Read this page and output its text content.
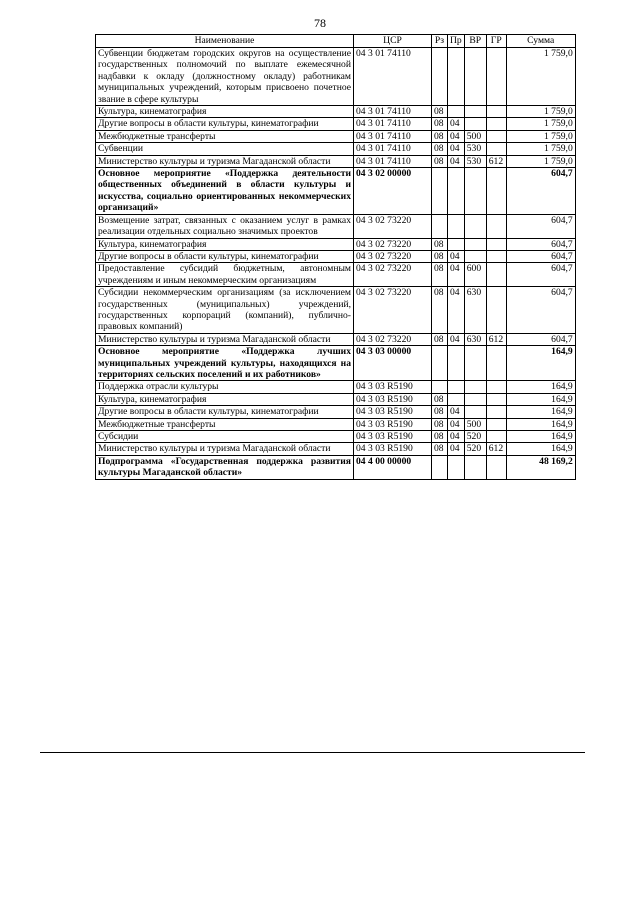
78
Наименование	ЦСР	Рз	Пр	ВР	ГР	Сумма
Субвенции бюджетам городских округов на осуществление государственных полномочий по выплате ежемесячной надбавки к окладу (должностному окладу) работникам муниципальных учреждений, которым присвоено почетное звание в сфере культуры	04 3 01 74110					1 759,0
Культура, кинематография	04 3 01 74110	08				1 759,0
Другие вопросы в области культуры, кинематографии	04 3 01 74110	08	04			1 759,0
Межбюджетные трансферты	04 3 01 74110	08	04	500		1 759,0
Субвенции	04 3 01 74110	08	04	530		1 759,0
Министерство культуры и туризма Магаданской области	04 3 01 74110	08	04	530	612	1 759,0
Основное мероприятие «Поддержка деятельности общественных объединений в области культуры и искусства, социально ориентированных некоммерческих организаций»	04 3 02 00000					604,7
Возмещение затрат, связанных с оказанием услуг в рамках реализации отдельных социально значимых проектов	04 3 02 73220					604,7
Культура, кинематография	04 3 02 73220	08				604,7
Другие вопросы в области культуры, кинематографии	04 3 02 73220	08	04			604,7
Предоставление субсидий бюджетным, автономным учреждениям и иным некоммерческим организациям	04 3 02 73220	08	04	600		604,7
Субсидии некоммерческим организациям (за исключением государственных (муниципальных) учреждений, государственных корпораций (компаний), публично-правовых компаний)	04 3 02 73220	08	04	630		604,7
Министерство культуры и туризма Магаданской области	04 3 02 73220	08	04	630	612	604,7
Основное мероприятие «Поддержка лучших муниципальных учреждений культуры, находящихся на территориях сельских поселений и их работников»	04 3 03 00000					164,9
Поддержка отрасли культуры	04 3 03 R5190					164,9
Культура, кинематография	04 3 03 R5190	08				164,9
Другие вопросы в области культуры, кинематографии	04 3 03 R5190	08	04			164,9
Межбюджетные трансферты	04 3 03 R5190	08	04	500		164,9
Субсидии	04 3 03 R5190	08	04	520		164,9
Министерство культуры и туризма Магаданской области	04 3 03 R5190	08	04	520	612	164,9
Подпрограмма «Государственная поддержка развития культуры Магаданской области»	04 4 00 00000					48 169,2
